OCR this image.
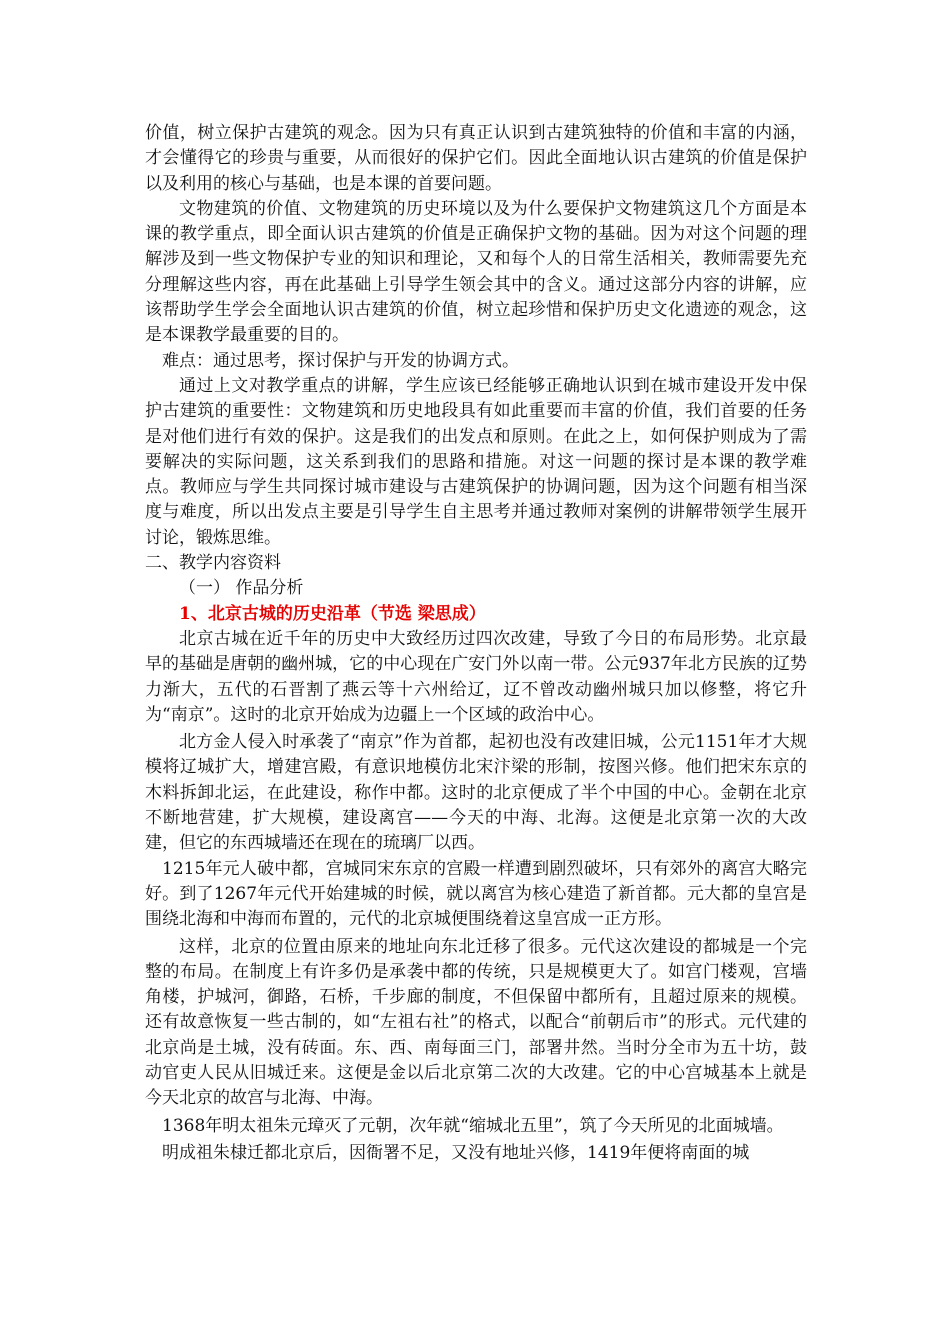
价值，树立保护古建筑的观念。因为只有真正认识到古建筑独特的价值和丰富的内涵，才会懂得它的珍贵与重要，从而很好的保护它们。因此全面地认识古建筑的价值是保护以及利用的核心与基础，也是本课的首要问题。

文物建筑的价值、文物建筑的历史环境以及为什么要保护文物建筑这几个方面是本课的教学重点，即全面认识古建筑的价值是正确保护文物的基础。因为对这个问题的理解涉及到一些文物保护专业的知识和理论，又和每个人的日常生活相关，教师需要先充分理解这些内容，再在此基础上引导学生领会其中的含义。通过这部分内容的讲解，应该帮助学生学会全面地认识古建筑的价值，树立起珍惜和保护历史文化遗迹的观念，这是本课教学最重要的目的。

难点：通过思考，探讨保护与开发的协调方式。

通过上文对教学重点的讲解，学生应该已经能够正确地认识到在城市建设开发中保护古建筑的重要性：文物建筑和历史地段具有如此重要而丰富的价值，我们首要的任务是对他们进行有效的保护。这是我们的出发点和原则。在此之上，如何保护则成为了需要解决的实际问题，这关系到我们的思路和措施。对这一问题的探讨是本课的教学难点。教师应与学生共同探讨城市建设与古建筑保护的协调问题，因为这个问题有相当深度与难度，所以出发点主要是引导学生自主思考并通过教师对案例的讲解带领学生展开讨论，锻炼思维。

二、教学内容资料

（一） 作品分析

1、北京古城的历史沿革（节选 梁思成）

北京古城在近千年的历史中大致经历过四次改建，导致了今日的布局形势。北京最早的基础是唐朝的幽州城，它的中心现在广安门外以南一带。公元937年北方民族的辽势力渐大，五代的石晋割了燕云等十六州给辽，辽不曾改动幽州城只加以修整，将它升为“南京”。这时的北京开始成为边疆上一个区域的政治中心。

北方金人侵入时承袭了“南京”作为首都，起初也没有改建旧城，公元1151年才大规模将辽城扩大，增建宫殿，有意识地模仿北宋汴梁的形制，按图兴修。他们把宋东京的木料拆卸北运，在此建设，称作中都。这时的北京便成了半个中国的中心。金朝在北京不断地营建，扩大规模，建设离宫——今天的中海、北海。这便是北京第一次的大改建，但它的东西城墙还在现在的琉璃厂以西。

1215年元人破中都，宫城同宋东京的宫殿一样遭到剧烈破坏，只有郊外的离宫大略完好。到了1267年元代开始建城的时候，就以离宫为核心建造了新首都。元大都的皇宫是围绕北海和中海而布置的，元代的北京城便围绕着这皇宫成一正方形。

这样，北京的位置由原来的地址向东北迁移了很多。元代这次建设的都城是一个完整的布局。在制度上有许多仍是承袭中都的传统，只是规模更大了。如宫门楼观，宫墙角楼，护城河，御路，石桥，千步廊的制度，不但保留中都所有，且超过原来的规模。还有故意恢复一些古制的，如“左祖右社”的格式，以配合“前朝后市”的形式。元代建的北京尚是土城，没有砖面。东、西、南每面三门，部署井然。当时分全市为五十坊，鼓动官吏人民从旧城迁来。这便是金以后北京第二次的大改建。它的中心宫城基本上就是今天北京的故宫与北海、中海。

1368年明太祖朱元璋灭了元朝，次年就“缩城北五里”，筑了今天所见的北面城墙。

明成祖朱棣迁都北京后，因衙署不足，又没有地址兴修，1419年便将南面的城
